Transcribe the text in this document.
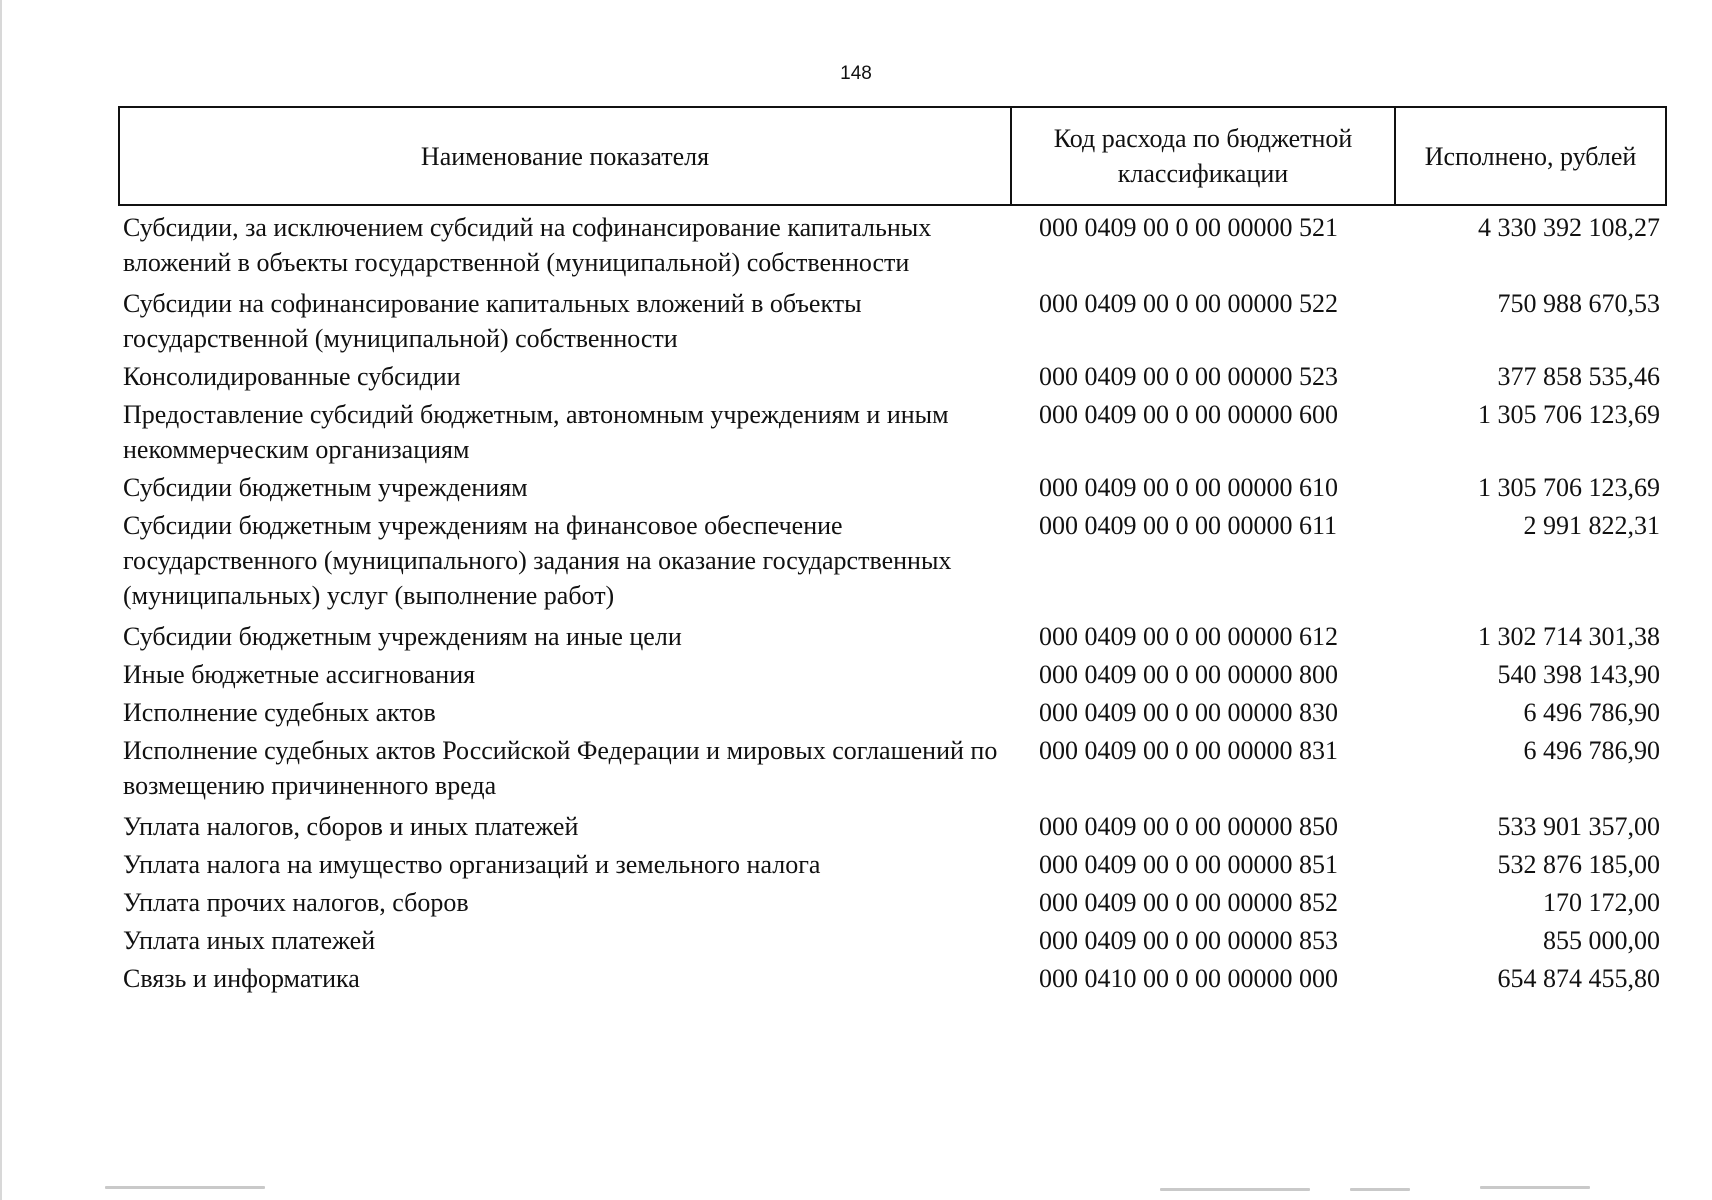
148
Наименование показателя	Код расхода по бюджетной классификации	Исполнено, рублей
Субсидии, за исключением субсидий на софинансирование капитальных вложений в объекты государственной (муниципальной) собственности	000 0409 00 0 00 00000 521	4 330 392 108,27
Субсидии на софинансирование капитальных вложений в объекты государственной (муниципальной) собственности	000 0409 00 0 00 00000 522	750 988 670,53
Консолидированные субсидии	000 0409 00 0 00 00000 523	377 858 535,46
Предоставление субсидий бюджетным, автономным учреждениям и иным некоммерческим организациям	000 0409 00 0 00 00000 600	1 305 706 123,69
Субсидии бюджетным учреждениям	000 0409 00 0 00 00000 610	1 305 706 123,69
Субсидии бюджетным учреждениям на финансовое обеспечение государственного (муниципального) задания на оказание государственных (муниципальных) услуг (выполнение работ)	000 0409 00 0 00 00000 611	2 991 822,31
Субсидии бюджетным учреждениям на иные цели	000 0409 00 0 00 00000 612	1 302 714 301,38
Иные бюджетные ассигнования	000 0409 00 0 00 00000 800	540 398 143,90
Исполнение судебных актов	000 0409 00 0 00 00000 830	6 496 786,90
Исполнение судебных актов Российской Федерации и мировых соглашений по возмещению причиненного вреда	000 0409 00 0 00 00000 831	6 496 786,90
Уплата налогов, сборов и иных платежей	000 0409 00 0 00 00000 850	533 901 357,00
Уплата налога на имущество организаций и земельного налога	000 0409 00 0 00 00000 851	532 876 185,00
Уплата прочих налогов, сборов	000 0409 00 0 00 00000 852	170 172,00
Уплата иных платежей	000 0409 00 0 00 00000 853	855 000,00
Связь и информатика	000 0410 00 0 00 00000 000	654 874 455,80
